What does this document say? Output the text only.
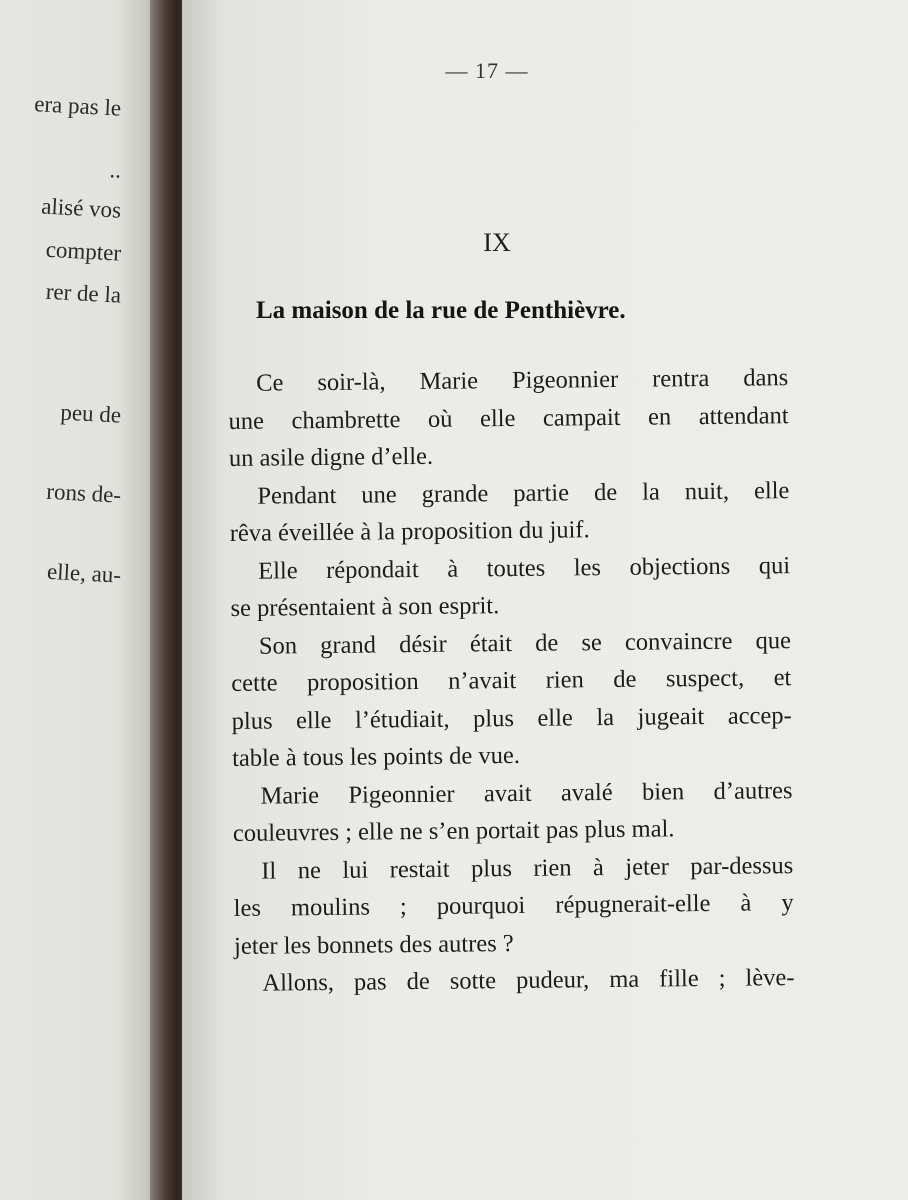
era pas le

..

alisé vos

compter

rer de la

peu de

rons de-

elle, au-

— 17 —

IX
La maison de la rue de Penthièvre.

Ce soir-là, Marie Pigeonnier rentra dans
une chambrette où elle campait en attendant
un asile digne d’elle.

Pendant une grande partie de la nuit, elle
rêva éveillée à la proposition du juif.

Elle répondait à toutes les objections qui
se présentaient à son esprit.

Son grand désir était de se convaincre que
cette proposition n’avait rien de suspect, et
plus elle l’étudiait, plus elle la jugeait accep-
table à tous les points de vue.

Marie Pigeonnier avait avalé bien d’autres
couleuvres ; elle ne s’en portait pas plus mal.

Il ne lui restait plus rien à jeter par-dessus
les moulins ; pourquoi répugnerait-elle à y
jeter les bonnets des autres ?

Allons, pas de sotte pudeur, ma fille ; lève-
